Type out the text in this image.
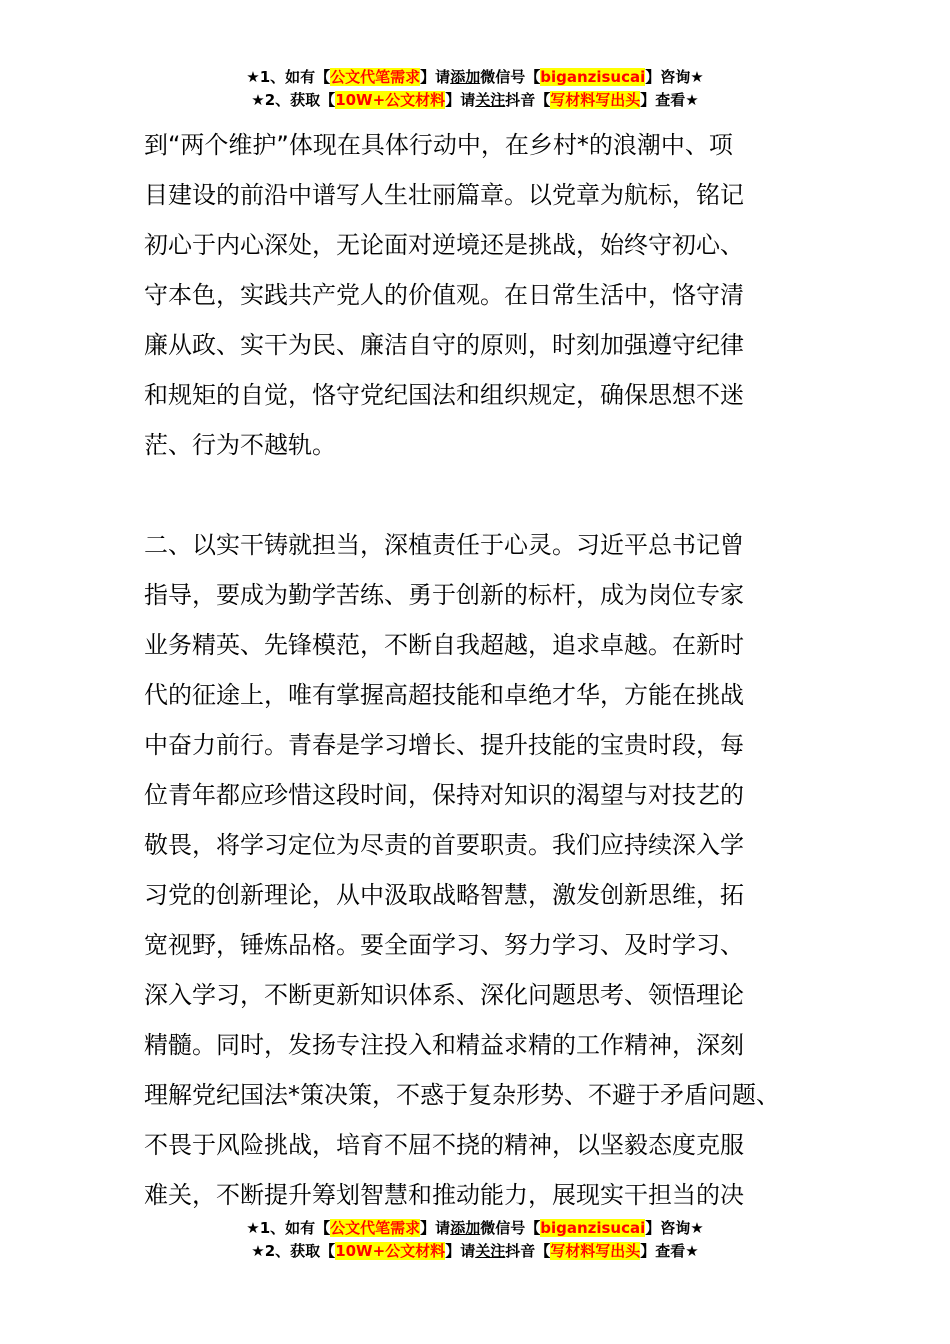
★1、如有【公文代笔需求】请添加微信号【biganzisucai】咨询★
★2、获取【10W+公文材料】请关注抖音【写材料写出头】查看★
到“两个维护”体现在具体行动中，在乡村*的浪潮中、项
目建设的前沿中谱写人生壮丽篇章。以党章为航标，铭记
初心于内心深处，无论面对逆境还是挑战，始终守初心、
守本色，实践共产党人的价值观。在日常生活中，恪守清
廉从政、实干为民、廉洁自守的原则，时刻加强遵守纪律
和规矩的自觉，恪守党纪国法和组织规定，确保思想不迷
茫、行为不越轨。
二、以实干铸就担当，深植责任于心灵。习近平总书记曾
指导，要成为勤学苦练、勇于创新的标杆，成为岗位专家
业务精英、先锋模范，不断自我超越，追求卓越。在新时
代的征途上，唯有掌握高超技能和卓绝才华，方能在挑战
中奋力前行。青春是学习增长、提升技能的宝贵时段，每
位青年都应珍惜这段时间，保持对知识的渴望与对技艺的
敬畏，将学习定位为尽责的首要职责。我们应持续深入学
习党的创新理论，从中汲取战略智慧，激发创新思维，拓
宽视野，锤炼品格。要全面学习、努力学习、及时学习、
深入学习，不断更新知识体系、深化问题思考、领悟理论
精髓。同时，发扬专注投入和精益求精的工作精神，深刻
理解党纪国法*策决策，不惑于复杂形势、不避于矛盾问题、
不畏于风险挑战，培育不屈不挠的精神，以坚毅态度克服
难关，不断提升筹划智慧和推动能力，展现实干担当的决
★1、如有【公文代笔需求】请添加微信号【biganzisucai】咨询★
★2、获取【10W+公文材料】请关注抖音【写材料写出头】查看★
